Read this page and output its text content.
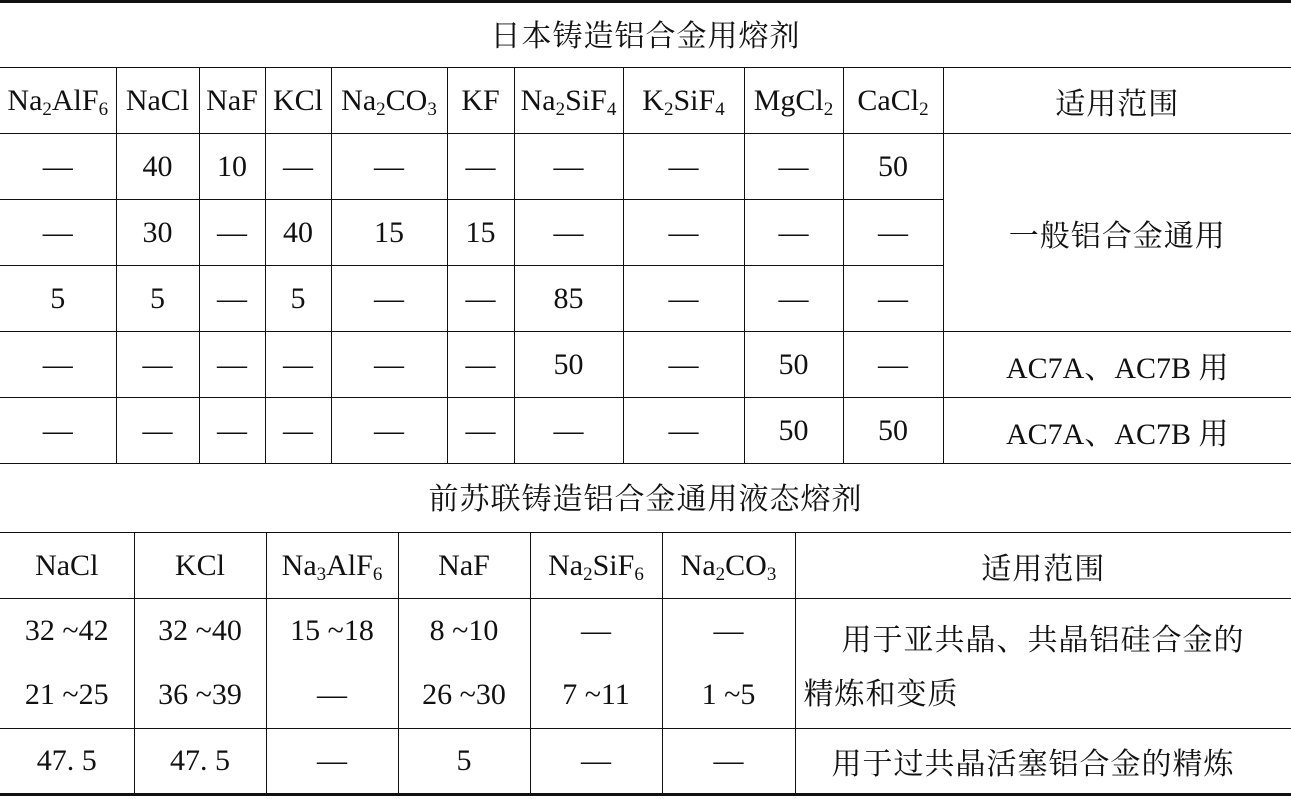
日本铸造铝合金用熔剂
$Na_2AlF_6$	NaCl	NaF	KCl	$Na_2CO_3$	KF	$Na_2SiF_4$	$K_2SiF_4$	MgCl$_2$	CaCl$_2$	适用范围
—	40	10	—	—	—	—	—	—	50	一般铝合金通用
—	30	—	40	15	15	—	—	—	—	
5	5	—	5	—	—	85	—	—	—	
—	—	—	—	—	—	50	—	50	—	AC7A、AC7B 用
—	—	—	—	—	—	—	—	50	50	AC7A、AC7B 用
前苏联铸造铝合金通用液态熔剂
NaCl	KCl	$Na_3AlF_6$	NaF	$Na_2SiF_6$	$Na_2CO_3$	适用范围
32 ~42	32 ~40	15 ~18	8 ~10	—	—	用于亚共晶、共晶铝硅合金的
精炼和变质

21 ~25	36 ~39	—	26 ~30	7 ~11	1 ~5	
47. 5	47. 5	—	5	—	—	用于过共晶活塞铝合金的精炼
